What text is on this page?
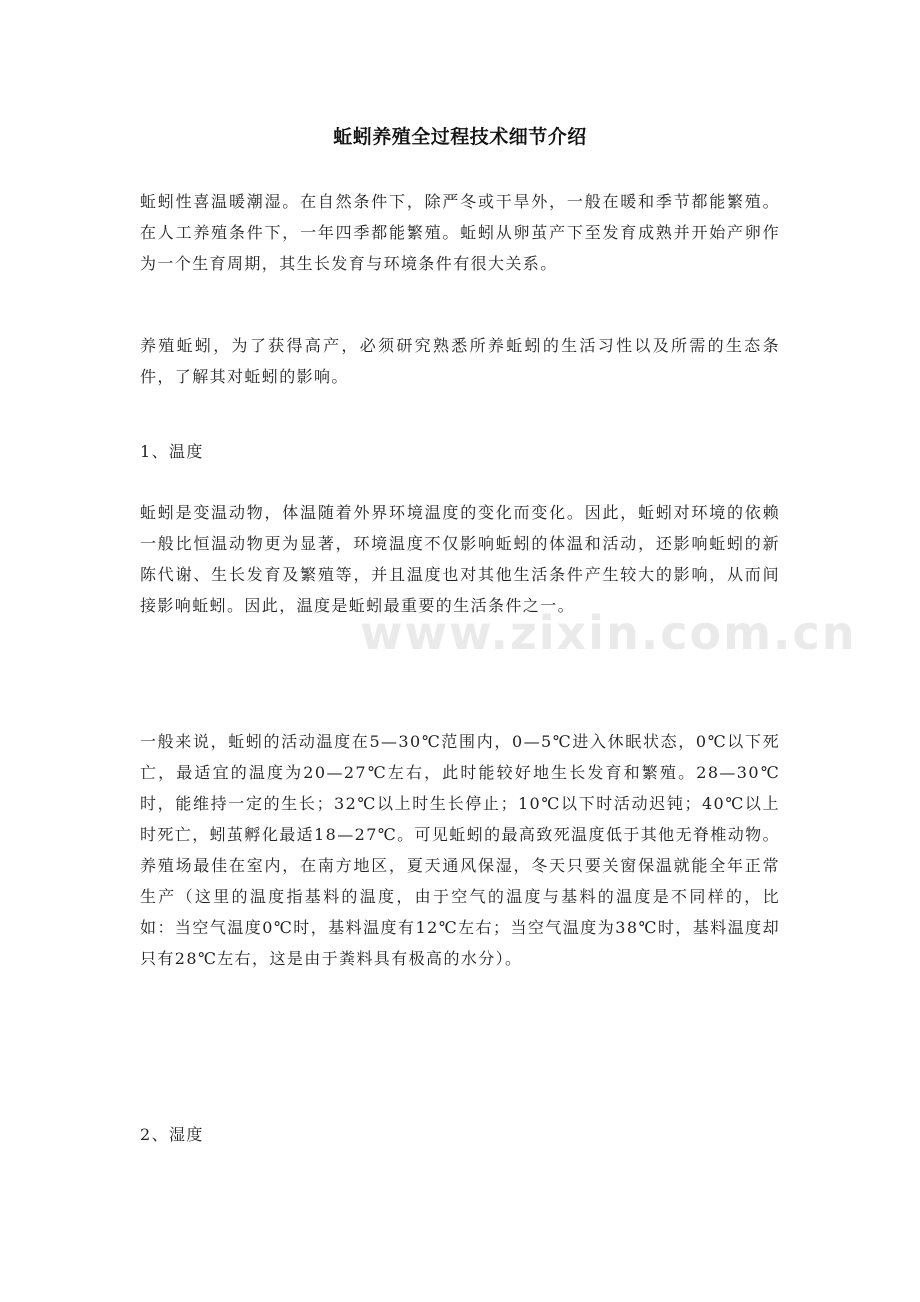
蚯蚓养殖全过程技术细节介绍

蚯蚓性喜温暖潮湿。在自然条件下，除严冬或干旱外，一般在暖和季节都能繁殖。在人工养殖条件下，一年四季都能繁殖。蚯蚓从卵茧产下至发育成熟并开始产卵作为一个生育周期，其生长发育与环境条件有很大关系。

养殖蚯蚓，为了获得高产，必须研究熟悉所养蚯蚓的生活习性以及所需的生态条件，了解其对蚯蚓的影响。

1、温度

蚯蚓是变温动物，体温随着外界环境温度的变化而变化。因此，蚯蚓对环境的依赖一般比恒温动物更为显著，环境温度不仅影响蚯蚓的体温和活动，还影响蚯蚓的新陈代谢、生长发育及繁殖等，并且温度也对其他生活条件产生较大的影响，从而间接影响蚯蚓。因此，温度是蚯蚓最重要的生活条件之一。

一般来说，蚯蚓的活动温度在5—30℃范围内，0—5℃进入休眠状态，0℃以下死亡，最适宜的温度为20—27℃左右，此时能较好地生长发育和繁殖。28—30℃时，能维持一定的生长；32℃以上时生长停止；10℃以下时活动迟钝；40℃以上时死亡，蚓茧孵化最适18—27℃。可见蚯蚓的最高致死温度低于其他无脊椎动物。养殖场最佳在室内，在南方地区，夏天通风保湿，冬天只要关窗保温就能全年正常生产（这里的温度指基料的温度，由于空气的温度与基料的温度是不同样的，比如：当空气温度0℃时，基料温度有12℃左右；当空气温度为38℃时，基料温度却只有28℃左右，这是由于粪料具有极高的水分）。

2、湿度

www.zixin.com.cn
